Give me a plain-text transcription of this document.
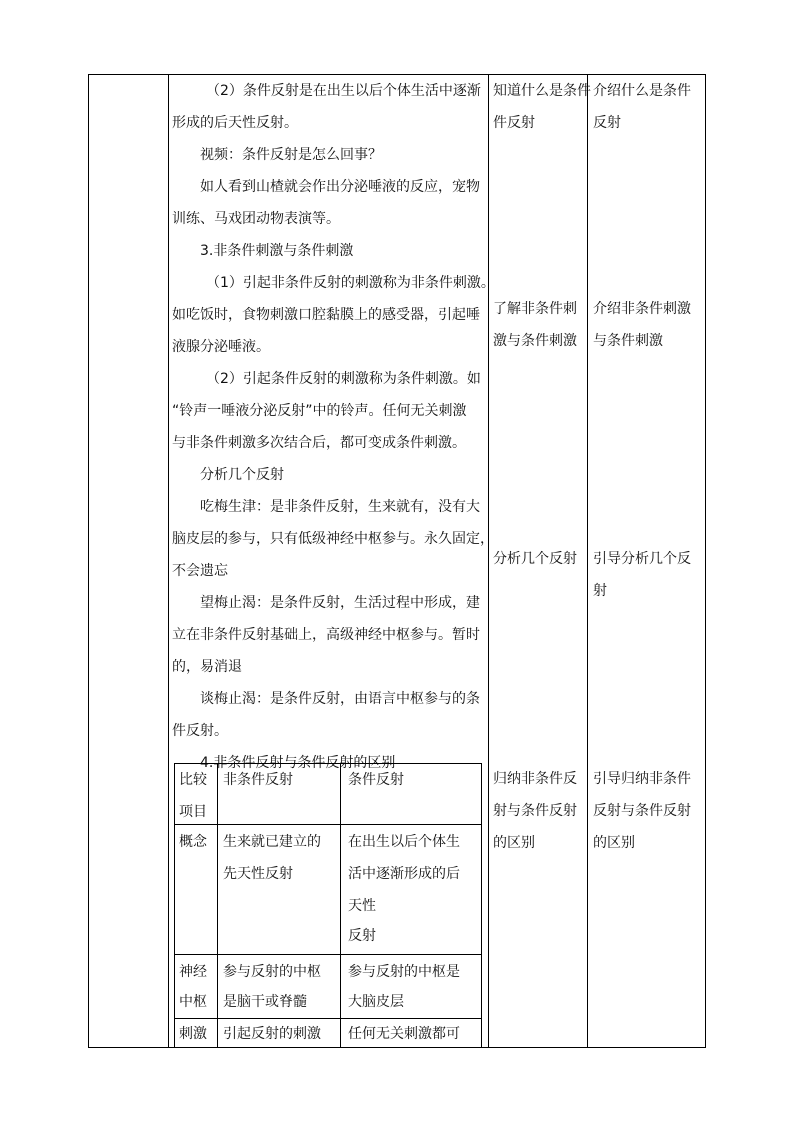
（2）条件反射是在出生以后个体生活中逐渐

形成的后天性反射。

视频：条件反射是怎么回事？

如人看到山楂就会作出分泌唾液的反应，宠物

训练、马戏团动物表演等。

3.非条件刺激与条件刺激

（1）引起非条件反射的刺激称为非条件刺激。

如吃饭时，食物刺激口腔黏膜上的感受器，引起唾

液腺分泌唾液。

（2）引起条件反射的刺激称为条件刺激。如

“铃声一唾液分泌反射”中的铃声。任何无关刺激

与非条件刺激多次结合后，都可变成条件刺激。

分析几个反射

吃梅生津：是非条件反射，生来就有，没有大

脑皮层的参与，只有低级神经中枢参与。永久固定，

不会遗忘

望梅止渴：是条件反射，生活过程中形成，建

立在非条件反射基础上，高级神经中枢参与。暂时

的，易消退

谈梅止渴：是条件反射，由语言中枢参与的条

件反射。

4.非条件反射与条件反射的区别

比较
项目
非条件反射	条件反射
概念 生来就已建立的
先天性反射
在出生以后个体生
活中逐渐形成的后
天性
反射
神经
中枢
参与反射的中枢
是脑干或脊髓
参与反射的中枢是
大脑皮层
刺激 引起反射的刺激 任何无关刺激都可
知道什么是条件
件反射
了解非条件刺
激与条件刺激
分析几个反射
归纳非条件反
射与条件反射
的区别
介绍什么是条件
反射
介绍非条件刺激
与条件刺激
引导分析几个反
射
引导归纳非条件
反射与条件反射
的区别
